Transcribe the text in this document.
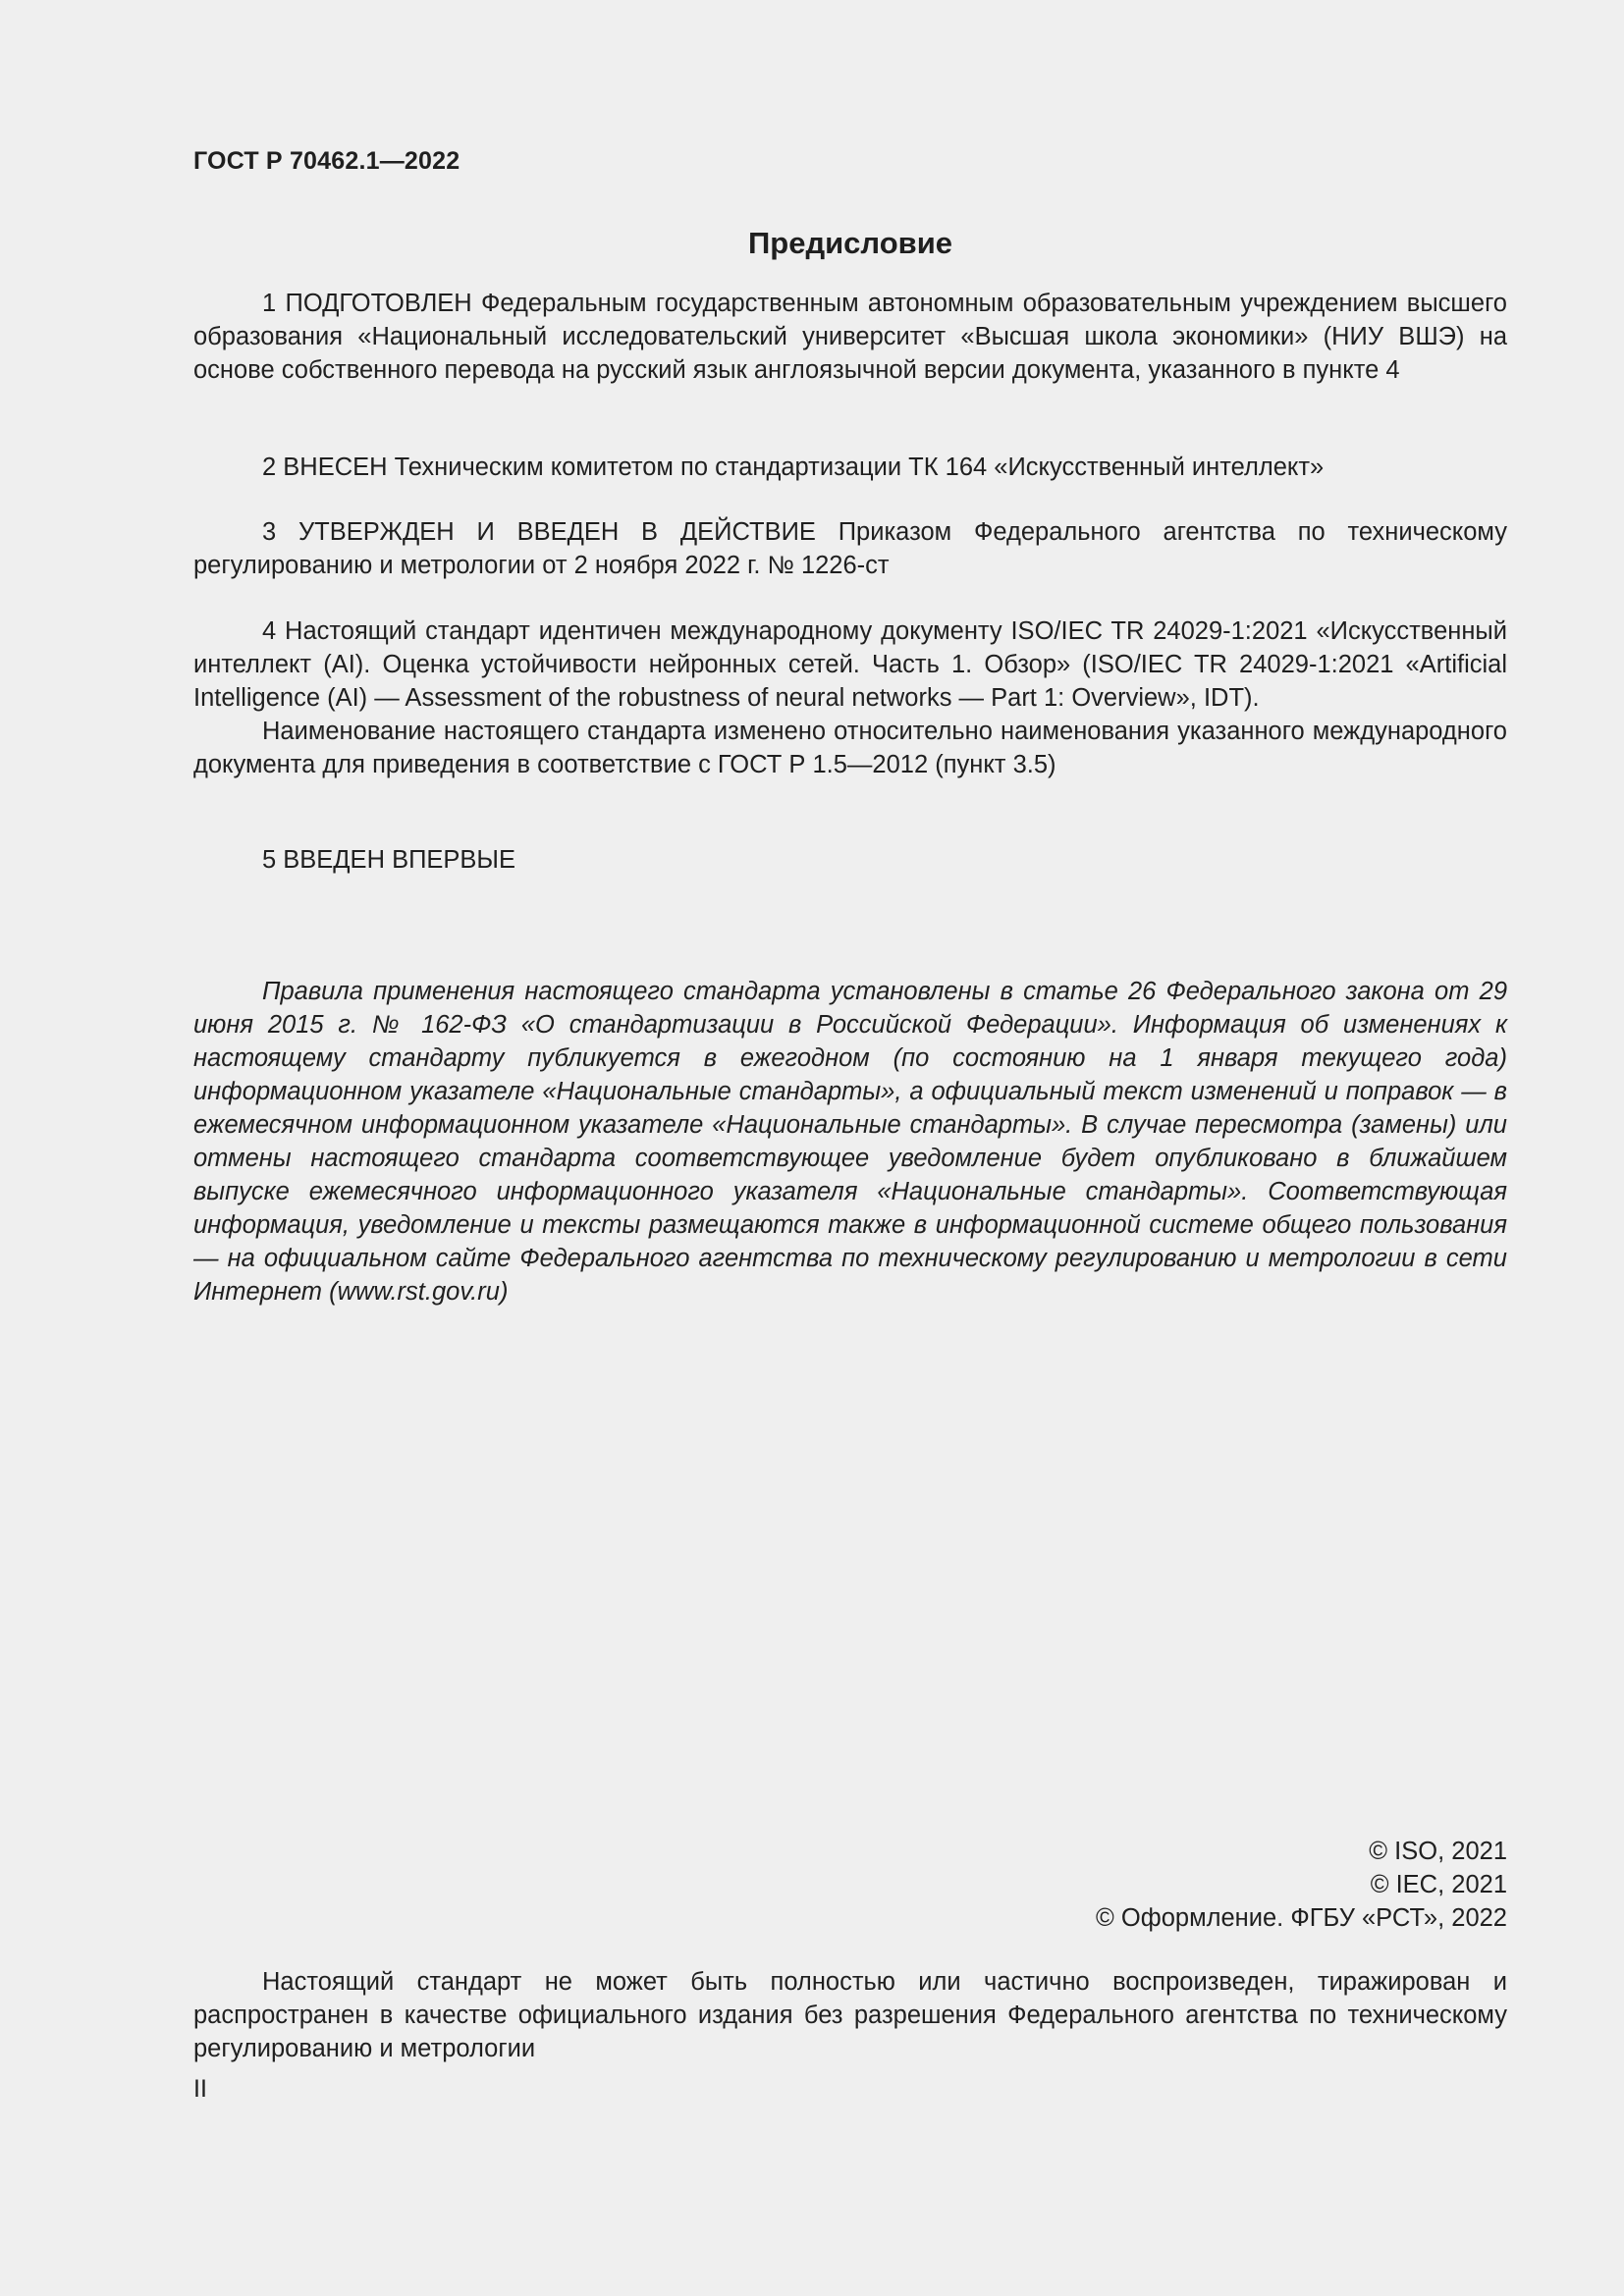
ГОСТ Р 70462.1—2022
Предисловие

1 ПОДГОТОВЛЕН Федеральным государственным автономным образовательным учреждением высшего образования «Национальный исследовательский университет «Высшая школа экономики» (НИУ ВШЭ) на основе собственного перевода на русский язык англоязычной версии документа, указанного в пункте 4

2 ВНЕСЕН Техническим комитетом по стандартизации ТК 164 «Искусственный интеллект»

3 УТВЕРЖДЕН И ВВЕДЕН В ДЕЙСТВИЕ Приказом Федерального агентства по техническому регулированию и метрологии от 2 ноября 2022 г. № 1226-ст

4 Настоящий стандарт идентичен международному документу ISO/IEC TR 24029-1:2021 «Искусственный интеллект (AI). Оценка устойчивости нейронных сетей. Часть 1. Обзор» (ISO/IEC TR 24029-1:2021 «Artificial Intelligence (AI) — Assessment of the robustness of neural networks — Part 1: Overview», IDT).

Наименование настоящего стандарта изменено относительно наименования указанного международного документа для приведения в соответствие с ГОСТ Р 1.5—2012 (пункт 3.5)

5 ВВЕДЕН ВПЕРВЫЕ

Правила применения настоящего стандарта установлены в статье 26 Федерального закона от 29 июня 2015 г. № 162-ФЗ «О стандартизации в Российской Федерации». Информация об изменениях к настоящему стандарту публикуется в ежегодном (по состоянию на 1 января текущего года) информационном указателе «Национальные стандарты», а официальный текст изменений и поправок — в ежемесячном информационном указателе «Национальные стандарты». В случае пересмотра (замены) или отмены настоящего стандарта соответствующее уведомление будет опубликовано в ближайшем выпуске ежемесячного информационного указателя «Национальные стандарты». Соответствующая информация, уведомление и тексты размещаются также в информационной системе общего пользования — на официальном сайте Федерального агентства по техническому регулированию и метрологии в сети Интернет (www.rst.gov.ru)

© ISO, 2021
© IEC, 2021
© Оформление. ФГБУ «РСТ», 2022

Настоящий стандарт не может быть полностью или частично воспроизведен, тиражирован и распространен в качестве официального издания без разрешения Федерального агентства по техническому регулированию и метрологии

II
